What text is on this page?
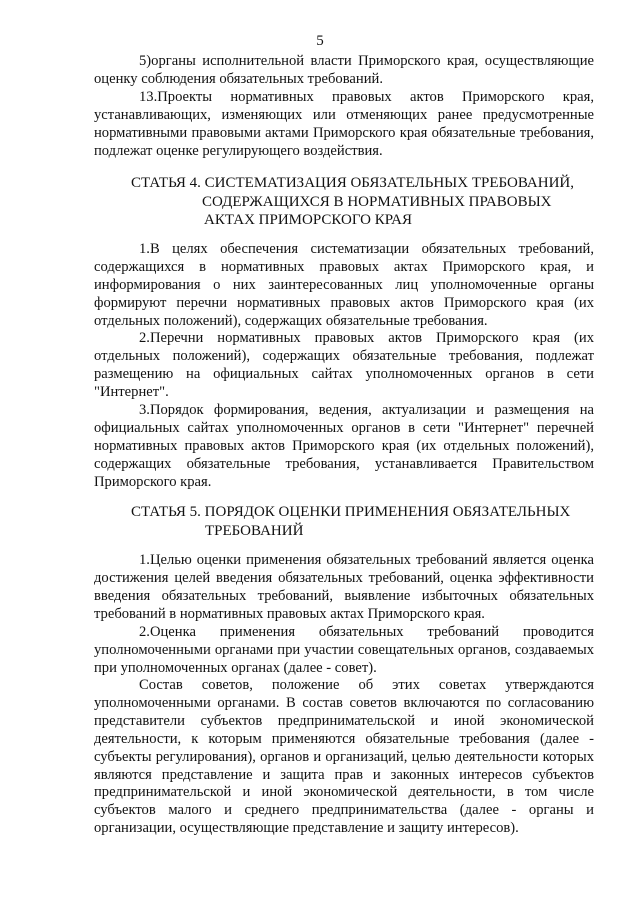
5

5)органы исполнительной власти Приморского края, осуществляющие оценку соблюдения обязательных требований.

13.Проекты нормативных правовых актов Приморского края, устанавливающих, изменяющих или отменяющих ранее предусмотренные нормативными правовыми актами Приморского края обязательные требования, подлежат оценке регулирующего воздействия.

СТАТЬЯ 4. СИСТЕМАТИЗАЦИЯ ОБЯЗАТЕЛЬНЫХ ТРЕБОВАНИЙ,
СОДЕРЖАЩИХСЯ В НОРМАТИВНЫХ ПРАВОВЫХ
АКТАХ ПРИМОРСКОГО КРАЯ

1.В целях обеспечения систематизации обязательных требований, содержащихся в нормативных правовых актах Приморского края, и информирования о них заинтересованных лиц уполномоченные органы формируют перечни нормативных правовых актов Приморского края (их отдельных положений), содержащих обязательные требования.

2.Перечни нормативных правовых актов Приморского края (их отдельных положений), содержащих обязательные требования, подлежат размещению на официальных сайтах уполномоченных органов в сети "Интернет".

3.Порядок формирования, ведения, актуализации и размещения на официальных сайтах уполномоченных органов в сети "Интернет" перечней нормативных правовых актов Приморского края (их отдельных положений), содержащих обязательные требования, устанавливается Правительством Приморского края.

СТАТЬЯ 5. ПОРЯДОК ОЦЕНКИ ПРИМЕНЕНИЯ ОБЯЗАТЕЛЬНЫХ
ТРЕБОВАНИЙ

1.Целью оценки применения обязательных требований является оценка достижения целей введения обязательных требований, оценка эффективности введения обязательных требований, выявление избыточных обязательных требований в нормативных правовых актах Приморского края.

2.Оценка применения обязательных требований проводится уполномоченными органами при участии совещательных органов, создаваемых при уполномоченных органах (далее - совет).

Состав советов, положение об этих советах утверждаются уполномоченными органами. В состав советов включаются по согласованию представители субъектов предпринимательской и иной экономической деятельности, к которым применяются обязательные требования (далее - субъекты регулирования), органов и организаций, целью деятельности которых являются представление и защита прав и законных интересов субъектов предпринимательской и иной экономической деятельности, в том числе субъектов малого и среднего предпринимательства (далее - органы и организации, осуществляющие представление и защиту интересов).
